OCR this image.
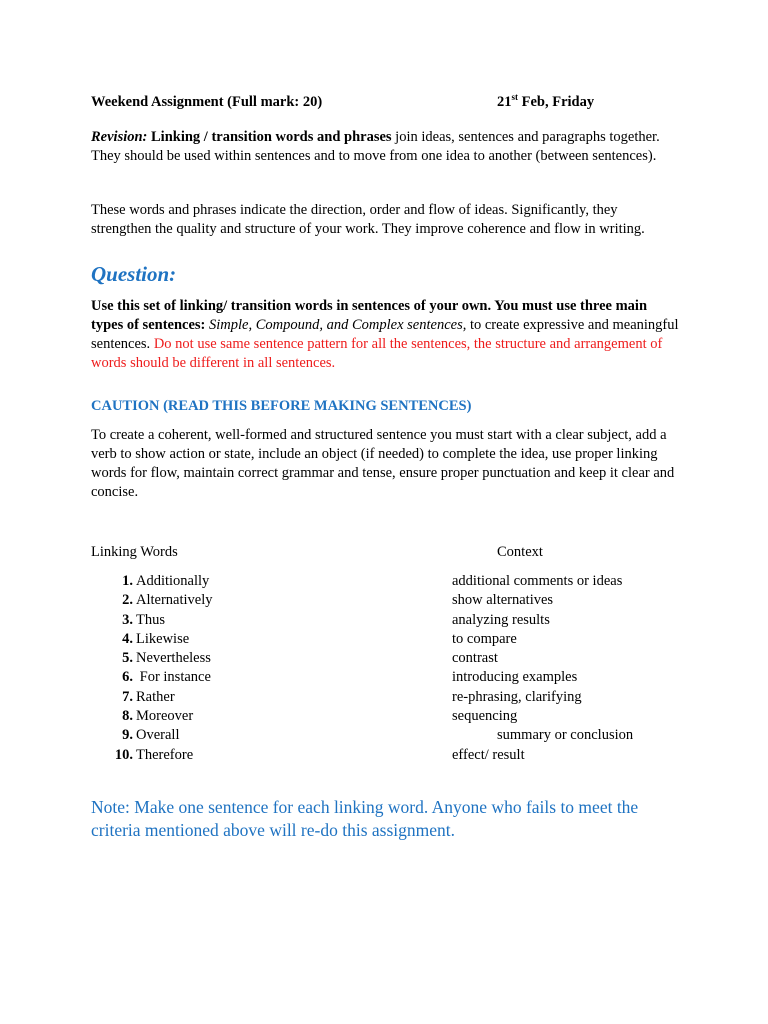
Weekend Assignment (Full mark: 20)	21st Feb, Friday
Revision: Linking / transition words and phrases join ideas, sentences and paragraphs together. They should be used within sentences and to move from one idea to another (between sentences).
These words and phrases indicate the direction, order and flow of ideas. Significantly, they strengthen the quality and structure of your work. They improve coherence and flow in writing.
Question:
Use this set of linking/ transition words in sentences of your own. You must use three main types of sentences: Simple, Compound, and Complex sentences, to create expressive and meaningful sentences. Do not use same sentence pattern for all the sentences, the structure and arrangement of words should be different in all sentences.
CAUTION (READ THIS BEFORE MAKING SENTENCES)
To create a coherent, well-formed and structured sentence you must start with a clear subject, add a verb to show action or state, include an object (if needed) to complete the idea, use proper linking words for flow, maintain correct grammar and tense, ensure proper punctuation and keep it clear and concise.
Linking Words	Context
1. Additionally	additional comments or ideas
2. Alternatively	show alternatives
3. Thus	analyzing results
4. Likewise	to compare
5. Nevertheless	contrast
6. For instance	introducing examples
7. Rather	re-phrasing, clarifying
8. Moreover	sequencing
9. Overall	summary or conclusion
10. Therefore	effect/ result
Note: Make one sentence for each linking word. Anyone who fails to meet the criteria mentioned above will re-do this assignment.
